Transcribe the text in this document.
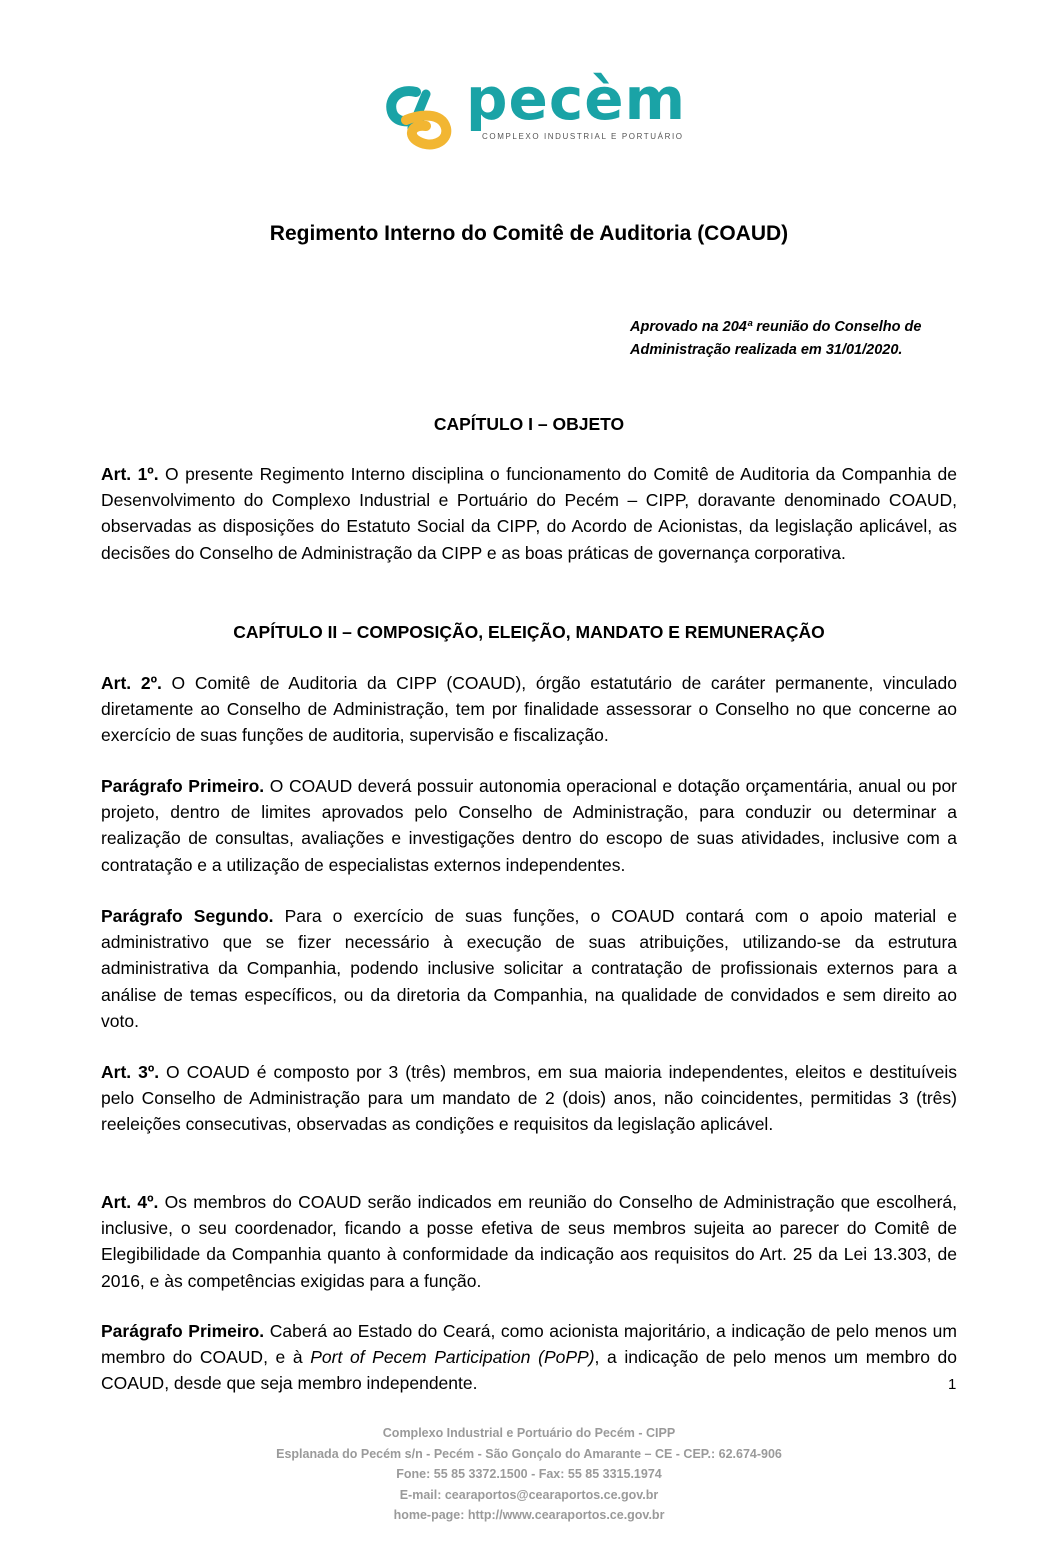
pecèm
COMPLEXO INDUSTRIAL E PORTUÁRIO
Regimento Interno do Comitê de Auditoria (COAUD)
Aprovado na 204ª reunião do Conselho de
Administração realizada em 31/01/2020.
CAPÍTULO I – OBJETO
Art. 1º. O presente Regimento Interno disciplina o funcionamento do Comitê de Auditoria da Companhia de Desenvolvimento do Complexo Industrial e Portuário do Pecém – CIPP, doravante denominado COAUD, observadas as disposições do Estatuto Social da CIPP, do Acordo de Acionistas, da legislação aplicável, as decisões do Conselho de Administração da CIPP e as boas práticas de governança corporativa.
CAPÍTULO II – COMPOSIÇÃO, ELEIÇÃO, MANDATO E REMUNERAÇÃO
Art. 2º. O Comitê de Auditoria da CIPP (COAUD), órgão estatutário de caráter permanente, vinculado diretamente ao Conselho de Administração, tem por finalidade assessorar o Conselho no que concerne ao exercício de suas funções de auditoria, supervisão e fiscalização.
Parágrafo Primeiro. O COAUD deverá possuir autonomia operacional e dotação orçamentária, anual ou por projeto, dentro de limites aprovados pelo Conselho de Administração, para conduzir ou determinar a realização de consultas, avaliações e investigações dentro do escopo de suas atividades, inclusive com a contratação e a utilização de especialistas externos independentes.
Parágrafo Segundo. Para o exercício de suas funções, o COAUD contará com o apoio material e administrativo que se fizer necessário à execução de suas atribuições, utilizando-se da estrutura administrativa da Companhia, podendo inclusive solicitar a contratação de profissionais externos para a análise de temas específicos, ou da diretoria da Companhia, na qualidade de convidados e sem direito ao voto.
Art. 3º. O COAUD é composto por 3 (três) membros, em sua maioria independentes, eleitos e destituíveis pelo Conselho de Administração para um mandato de 2 (dois) anos, não coincidentes, permitidas 3 (três) reeleições consecutivas, observadas as condições e requisitos da legislação aplicável.
Art. 4º. Os membros do COAUD serão indicados em reunião do Conselho de Administração que escolherá, inclusive, o seu coordenador, ficando a posse efetiva de seus membros sujeita ao parecer do Comitê de Elegibilidade da Companhia quanto à conformidade da indicação aos requisitos do Art. 25 da Lei 13.303, de 2016, e às competências exigidas para a função.
Parágrafo Primeiro. Caberá ao Estado do Ceará, como acionista majoritário, a indicação de pelo menos um membro do COAUD, e à Port of Pecem Participation (PoPP), a indicação de pelo menos um membro do COAUD, desde que seja membro independente.	1
Complexo Industrial e Portuário do Pecém - CIPP
Esplanada do Pecém s/n - Pecém - São Gonçalo do Amarante – CE - CEP.: 62.674-906
Fone: 55 85 3372.1500 - Fax: 55 85 3315.1974
E-mail: cearaportos@cearaportos.ce.gov.br
home-page: http://www.cearaportos.ce.gov.br
